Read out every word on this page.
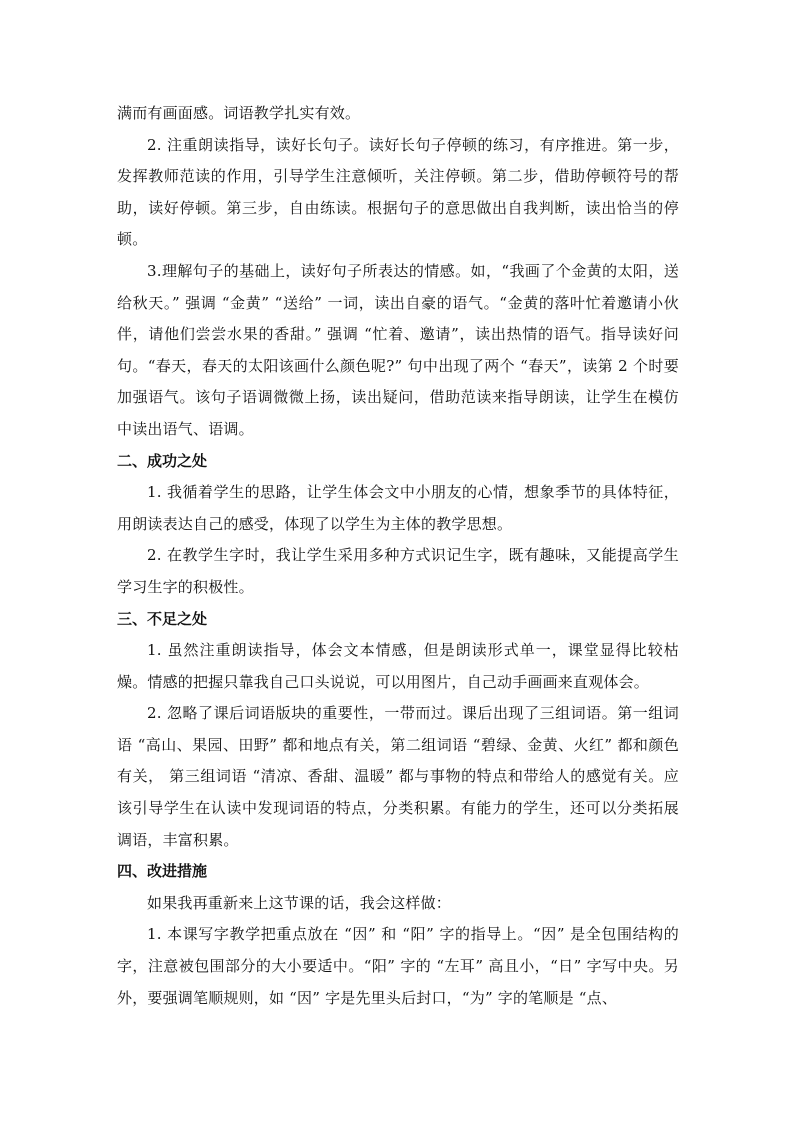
满而有画面感。词语教学扎实有效。

2. 注重朗读指导，读好长句子。读好长句子停顿的练习，有序推进。第一步，发挥教师范读的作用，引导学生注意倾听，关注停顿。第二步，借助停顿符号的帮助，读好停顿。第三步，自由练读。根据句子的意思做出自我判断，读出恰当的停顿。

3.理解句子的基础上，读好句子所表达的情感。如，“我画了个金黄的太阳，送给秋天。” 强调 “金黄” “送给” 一词，读出自豪的语气。“金黄的落叶忙着邀请小伙伴，请他们尝尝水果的香甜。” 强调 “忙着、邀请”，读出热情的语气。指导读好问句。“春天，春天的太阳该画什么颜色呢?” 句中出现了两个 “春天”，读第 2 个时要加强语气。该句子语调微微上扬，读出疑问，借助范读来指导朗读，让学生在模仿中读出语气、语调。

二、成功之处

1. 我循着学生的思路，让学生体会文中小朋友的心情，想象季节的具体特征，用朗读表达自己的感受，体现了以学生为主体的教学思想。

2. 在教学生字时，我让学生采用多种方式识记生字，既有趣味，又能提高学生学习生字的积极性。

三、不足之处

1. 虽然注重朗读指导，体会文本情感，但是朗读形式单一，课堂显得比较枯燥。情感的把握只靠我自己口头说说，可以用图片，自己动手画画来直观体会。

2. 忽略了课后词语版块的重要性，一带而过。课后出现了三组词语。第一组词语 “高山、果园、田野” 都和地点有关，第二组词语 “碧绿、金黄、火红” 都和颜色有关， 第三组词语 “清凉、香甜、温暖” 都与事物的特点和带给人的感觉有关。应该引导学生在认读中发现词语的特点，分类积累。有能力的学生，还可以分类拓展调语，丰富积累。

四、改进措施

如果我再重新来上这节课的话，我会这样做：

1. 本课写字教学把重点放在 “因” 和 “阳” 字的指导上。“因” 是全包围结构的字，注意被包围部分的大小要适中。“阳” 字的 “左耳” 高且小，“日” 字写中央。另外，要强调笔顺规则，如 “因” 字是先里头后封口，“为” 字的笔顺是 “点、
